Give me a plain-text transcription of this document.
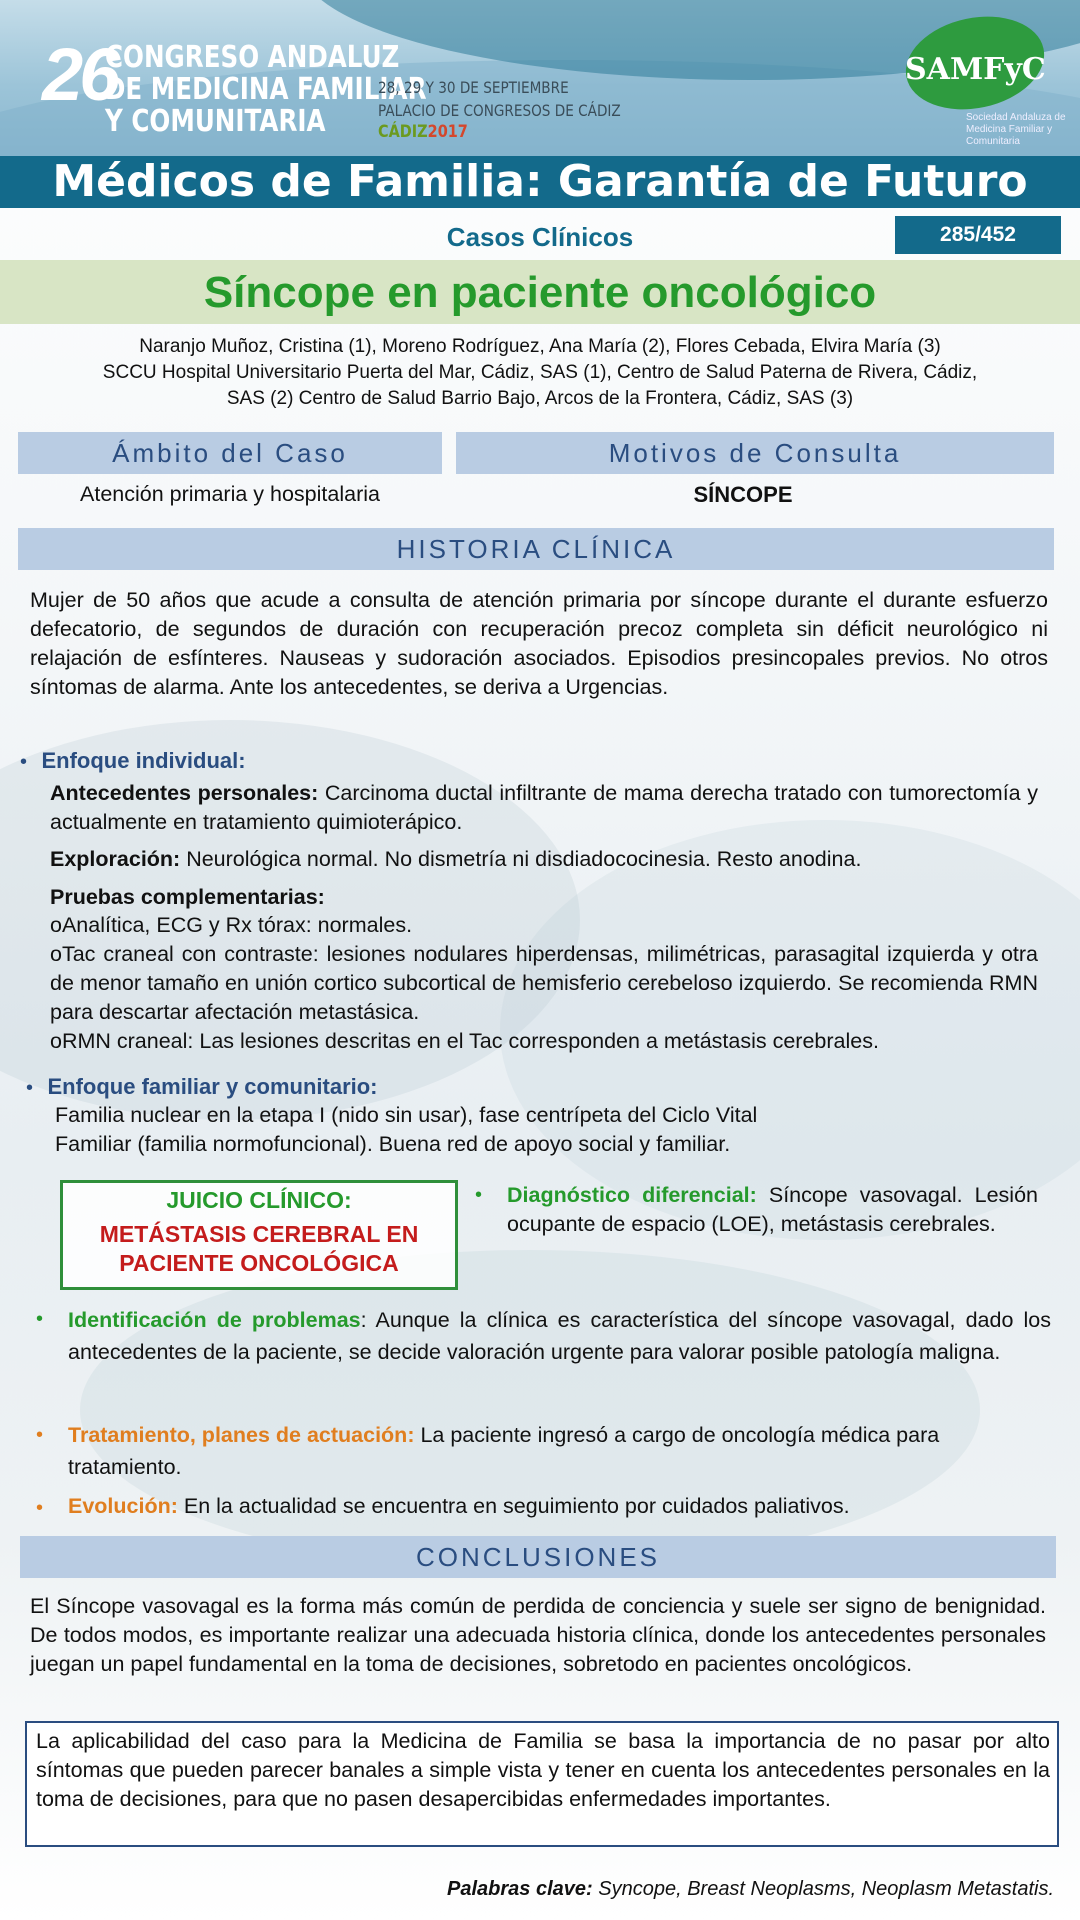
26
CONGRESO ANDALUZ
DE MEDICINA FAMILIAR
Y COMUNITARIA
28, 29 Y 30 DE SEPTIEMBRE
PALACIO DE CONGRESOS DE CÁDIZ
CÁDIZ2017
SAMFyC
Sociedad Andaluza de Medicina Familiar y Comunitaria
Médicos de Familia: Garantía de Futuro
Casos Clínicos	285/452
Síncope en paciente oncológico
Naranjo Muñoz, Cristina (1), Moreno Rodríguez, Ana María (2), Flores Cebada, Elvira María (3)
SCCU Hospital Universitario Puerta del Mar, Cádiz, SAS (1), Centro de Salud Paterna de Rivera, Cádiz,
SAS (2) Centro de Salud Barrio Bajo, Arcos de la Frontera, Cádiz, SAS (3)
Ámbito del Caso
Atención primaria y hospitalaria
Motivos de Consulta
SÍNCOPE
HISTORIA CLÍNICA
Mujer de 50 años que acude a consulta de atención primaria por síncope durante el durante esfuerzo defecatorio, de segundos de duración con recuperación precoz completa sin déficit neurológico ni relajación de esfínteres. Nauseas y sudoración asociados. Episodios presincopales previos. No otros síntomas de alarma. Ante los antecedentes, se deriva a Urgencias.
• Enfoque individual:
Antecedentes personales: Carcinoma ductal infiltrante de mama derecha tratado con tumorectomía y actualmente en tratamiento quimioterápico.
Exploración: Neurológica normal. No dismetría ni disdiadococinesia. Resto anodina.
Pruebas complementarias:
oAnalítica, ECG y Rx tórax: normales.
oTac craneal con contraste: lesiones nodulares hiperdensas, milimétricas, parasagital izquierda y otra de menor tamaño en unión cortico subcortical de hemisferio cerebeloso izquierdo. Se recomienda RMN para descartar afectación metastásica.
oRMN craneal: Las lesiones descritas en el Tac corresponden a metástasis cerebrales.
• Enfoque familiar y comunitario:
Familia nuclear en la etapa I (nido sin usar), fase centrípeta del Ciclo Vital
Familiar (familia normofuncional). Buena red de apoyo social y familiar.
JUICIO CLÍNICO:
METÁSTASIS CEREBRAL EN
PACIENTE ONCOLÓGICA
• Diagnóstico diferencial: Síncope vasovagal. Lesión ocupante de espacio (LOE), metástasis cerebrales.
• Identificación de problemas: Aunque la clínica es característica del síncope vasovagal, dado los antecedentes de la paciente, se decide valoración urgente para valorar posible patología maligna.
• Tratamiento, planes de actuación: La paciente ingresó a cargo de oncología médica para tratamiento.
• Evolución: En la actualidad se encuentra en seguimiento por cuidados paliativos.
CONCLUSIONES
El Síncope vasovagal es la forma más común de perdida de conciencia y suele ser signo de benignidad. De todos modos, es importante realizar una adecuada historia clínica, donde los antecedentes personales juegan un papel fundamental en la toma de decisiones, sobretodo en pacientes oncológicos.
La aplicabilidad del caso para la Medicina de Familia se basa la importancia de no pasar por alto síntomas que pueden parecer banales a simple vista y tener en cuenta los antecedentes personales en la toma de decisiones, para que no pasen desapercibidas enfermedades importantes.
Palabras clave: Syncope, Breast Neoplasms, Neoplasm Metastatis.
